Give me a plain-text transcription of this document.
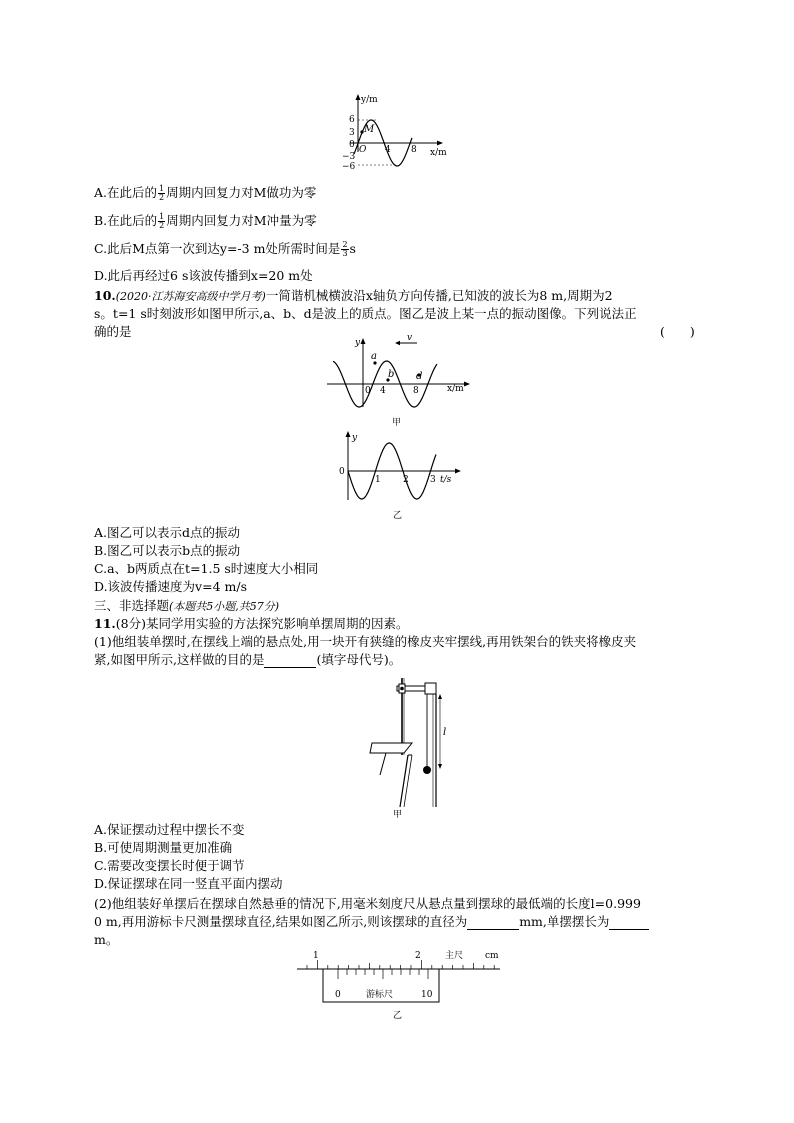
y/m
x/m
6
3
0
−3
−6
O 4 8
M
A.在此后的 $\frac{1}{2}$ 周期内回复力对M做功为零
B.在此后的 $\frac{1}{2}$ 周期内回复力对M冲量为零
C.此后M点第一次到达y=-3 m处所需时间是 $\frac{2}{3}$ s
D.此后再经过6 s该波传播到x=20 m处
10.(2020·江苏海安高级中学月考)一简谐机械横波沿x轴负方向传播,已知波的波长为8 m,周期为2
s。t=1 s时刻波形如图甲所示,a、b、d是波上的质点。图乙是波上某一点的振动图像。下列说法正
确的是	(　　)
v
y
x/m
0 4	8
a
b d
甲
y
t/s
0
1 2 3
乙
A.图乙可以表示d点的振动
B.图乙可以表示b点的振动
C.a、b两质点在t=1.5 s时速度大小相同
D.该波传播速度为v=4 m/s
三、非选择题(本题共5小题,共57分)
11.(8分)某同学用实验的方法探究影响单摆周期的因素。
(1)他组装单摆时,在摆线上端的悬点处,用一块开有狭缝的橡皮夹牢摆线,再用铁架台的铁夹将橡皮夹
紧,如图甲所示,这样做的目的是	(填字母代号)。
l
甲
A.保证摆动过程中摆长不变
B.可使周期测量更加准确
C.需要改变摆长时便于调节
D.保证摆球在同一竖直平面内摆动
(2)他组装好单摆后在摆球自然悬垂的情况下,用毫米刻度尺从悬点量到摆球的最低端的长度l=0.999
0 m,再用游标卡尺测量摆球直径,结果如图乙所示,则该摆球的直径为	mm,单摆摆长为
m。
1	2	主尺 cm
0	10
游标尺
乙
